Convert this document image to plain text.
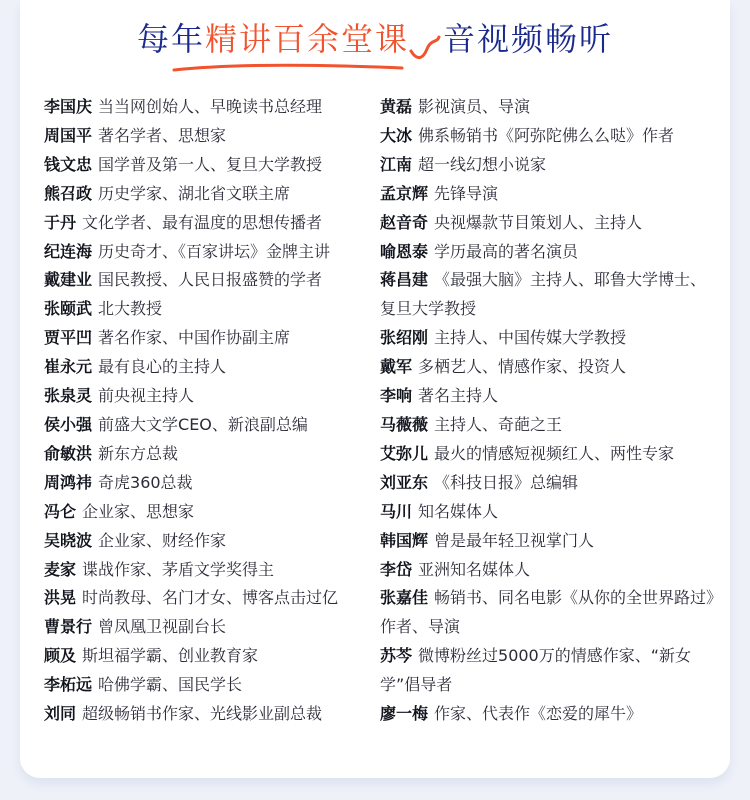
每年精讲百余堂课 音视频畅听
李国庆 当当网创始人、早晚读书总经理
周国平 著名学者、思想家
钱文忠 国学普及第一人、复旦大学教授
熊召政 历史学家、湖北省文联主席
于丹 文化学者、最有温度的思想传播者
纪连海 历史奇才、《百家讲坛》金牌主讲
戴建业 国民教授、人民日报盛赞的学者
张颐武 北大教授
贾平凹 著名作家、中国作协副主席
崔永元 最有良心的主持人
张泉灵 前央视主持人
侯小强 前盛大文学CEO、新浪副总编
俞敏洪 新东方总裁
周鸿祎 奇虎360总裁
冯仑 企业家、思想家
吴晓波 企业家、财经作家
麦家 谍战作家、茅盾文学奖得主
洪晃 时尚教母、名门才女、博客点击过亿
曹景行 曾凤凰卫视副台长
顾及 斯坦福学霸、创业教育家
李柘远 哈佛学霸、国民学长
刘同 超级畅销书作家、光线影业副总裁
黄磊 影视演员、导演
大冰 佛系畅销书《阿弥陀佛么么哒》作者
江南 超一线幻想小说家
孟京辉 先锋导演
赵音奇 央视爆款节目策划人、主持人
喻恩泰 学历最高的著名演员
蒋昌建 《最强大脑》主持人、耶鲁大学博士、复旦大学教授
张绍刚 主持人、中国传媒大学教授
戴军 多栖艺人、情感作家、投资人
李响 著名主持人
马薇薇 主持人、奇葩之王
艾弥儿 最火的情感短视频红人、两性专家
刘亚东 《科技日报》总编辑
马川 知名媒体人
韩国辉 曾是最年轻卫视掌门人
李岱 亚洲知名媒体人
张嘉佳 畅销书、同名电影《从你的全世界路过》作者、导演
苏芩 微博粉丝过5000万的情感作家、“新女学”倡导者
廖一梅 作家、代表作《恋爱的犀牛》
